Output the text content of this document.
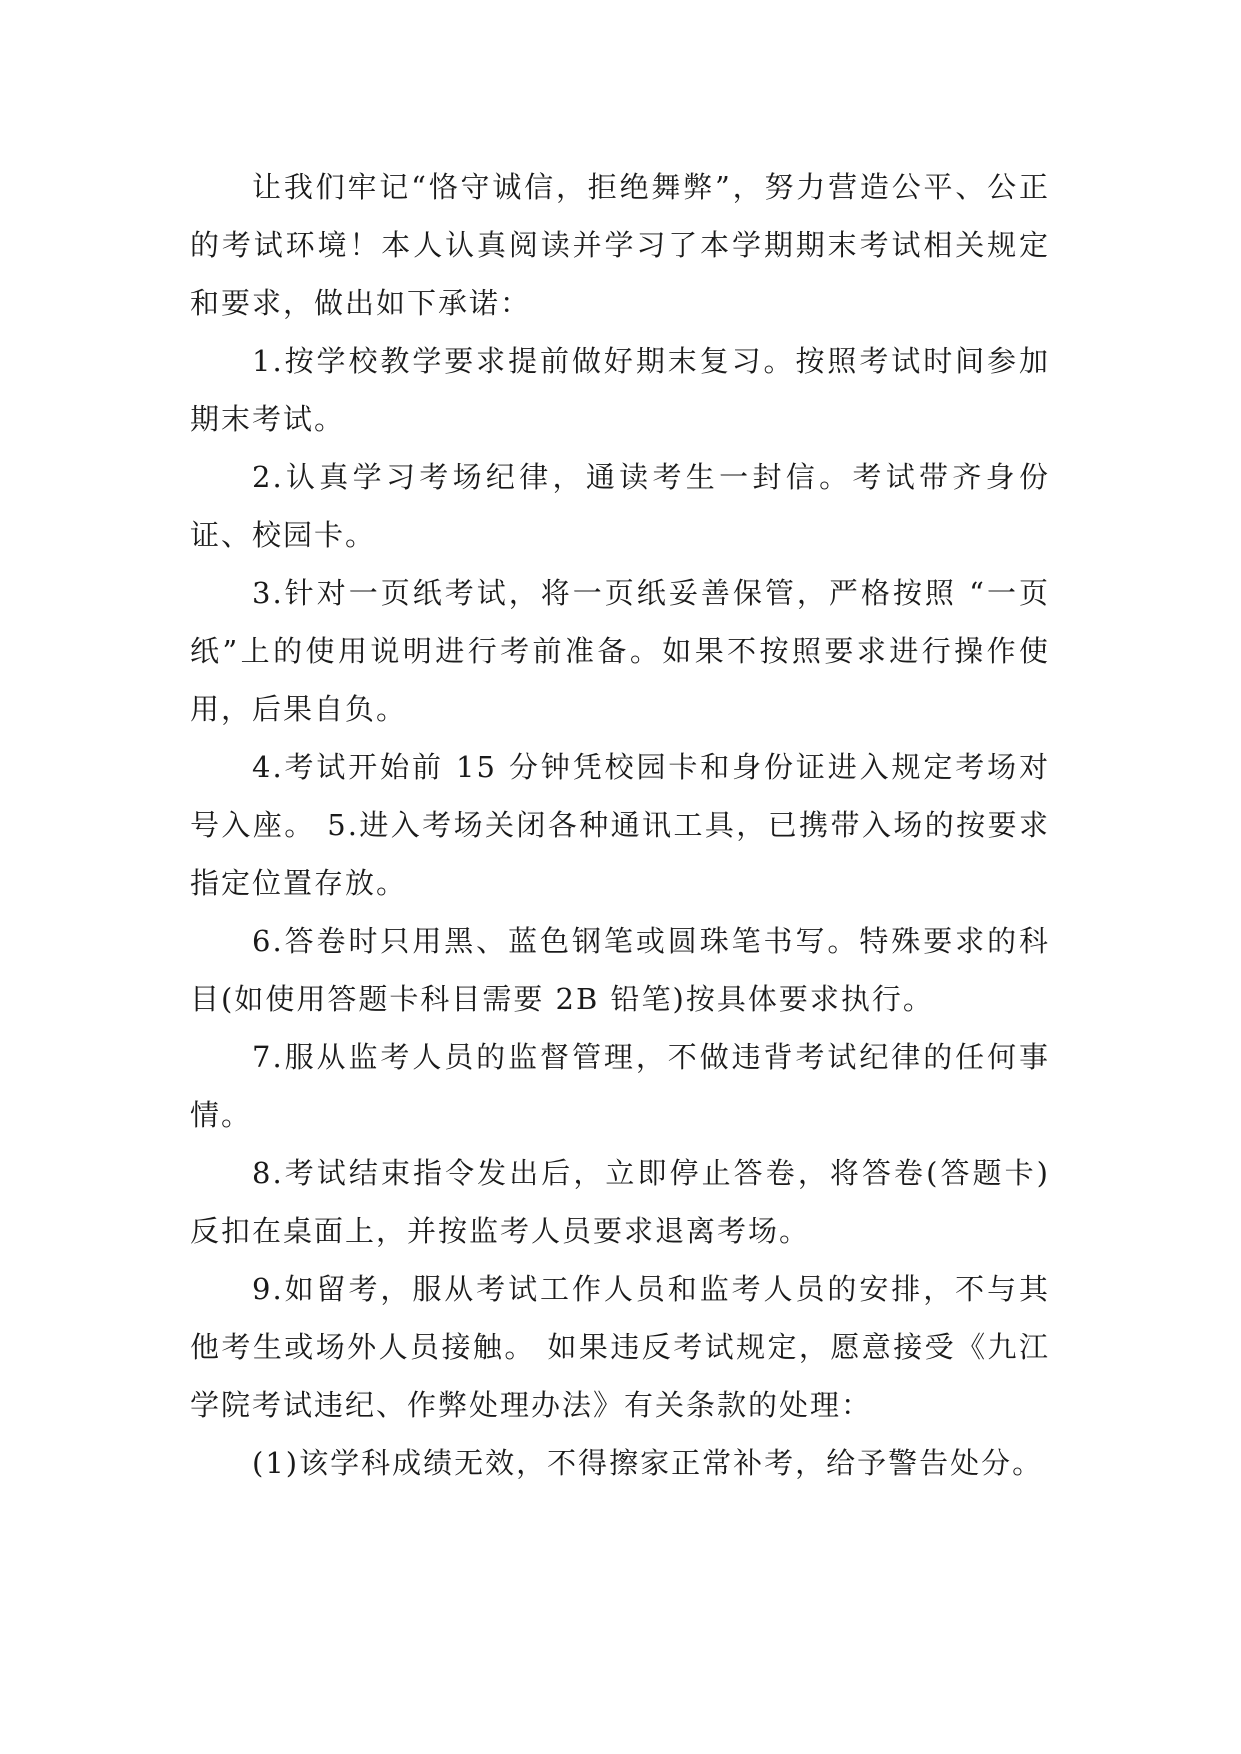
让我们牢记“恪守诚信，拒绝舞弊”，努力营造公平、公正的考试环境！本人认真阅读并学习了本学期期末考试相关规定和要求，做出如下承诺：

1.按学校教学要求提前做好期末复习。按照考试时间参加期末考试。

2.认真学习考场纪律，通读考生一封信。考试带齐身份证、校园卡。

3.针对一页纸考试，将一页纸妥善保管，严格按照 “一页纸”上的使用说明进行考前准备。如果不按照要求进行操作使用，后果自负。

4.考试开始前 15 分钟凭校园卡和身份证进入规定考场对号入座。 5.进入考场关闭各种通讯工具，已携带入场的按要求指定位置存放。

6.答卷时只用黑、蓝色钢笔或圆珠笔书写。特殊要求的科目(如使用答题卡科目需要 2B 铅笔)按具体要求执行。

7.服从监考人员的监督管理，不做违背考试纪律的任何事情。

8.考试结束指令发出后，立即停止答卷，将答卷(答题卡)反扣在桌面上，并按监考人员要求退离考场。

9.如留考，服从考试工作人员和监考人员的安排，不与其他考生或场外人员接触。 如果违反考试规定，愿意接受《九江学院考试违纪、作弊处理办法》有关条款的处理：

(1)该学科成绩无效，不得擦家正常补考，给予警告处分。
